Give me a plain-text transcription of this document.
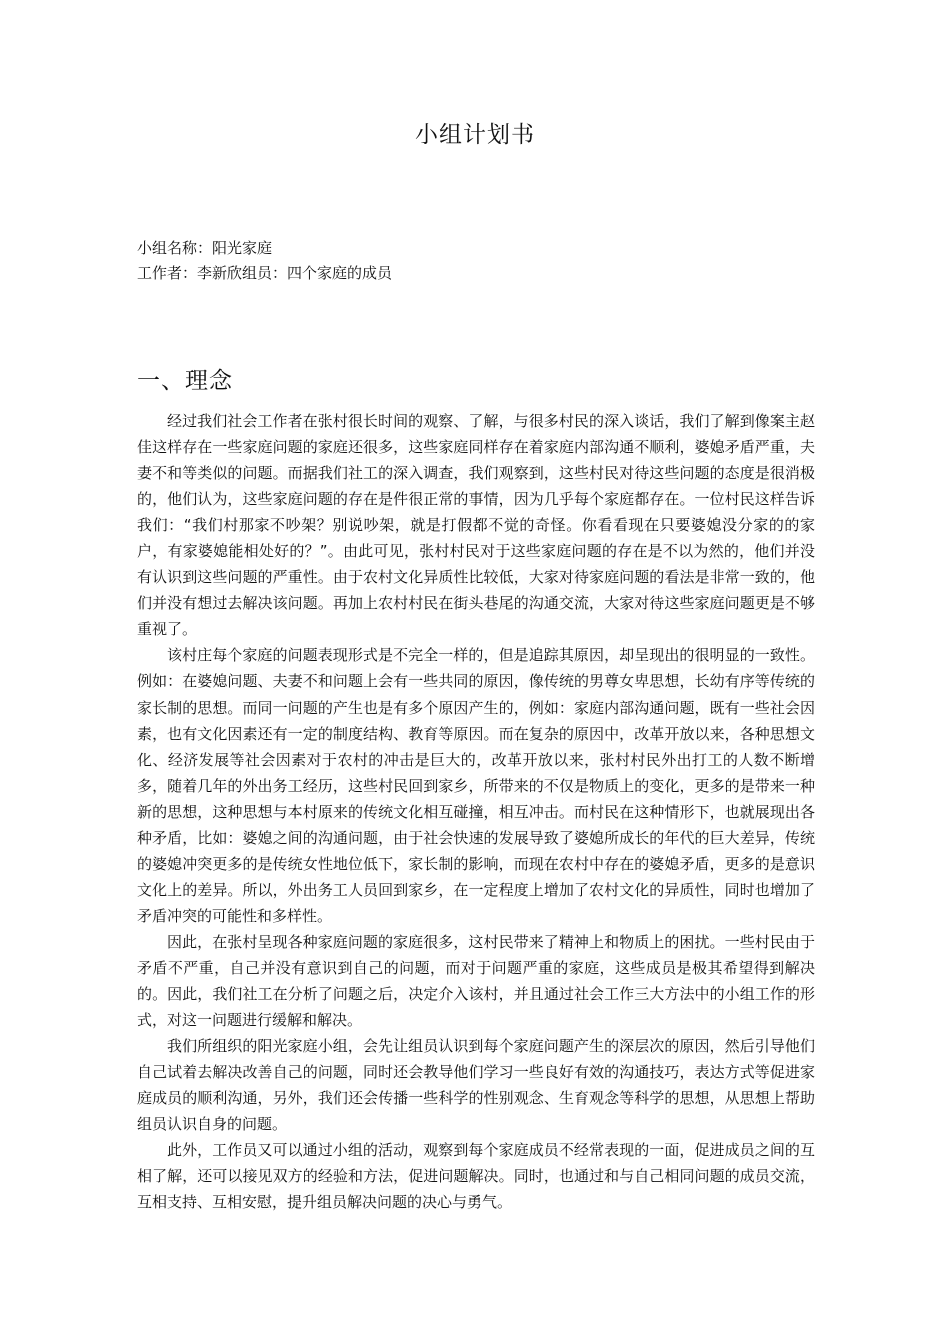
小组计划书
小组名称：阳光家庭
工作者：李新欣组员：四个家庭的成员
一、理念

经过我们社会工作者在张村很长时间的观察、了解，与很多村民的深入谈话，我们了解到像案主赵佳这样存在一些家庭问题的家庭还很多，这些家庭同样存在着家庭内部沟通不顺利，婆媳矛盾严重，夫妻不和等类似的问题。而据我们社工的深入调查，我们观察到，这些村民对待这些问题的态度是很消极的，他们认为，这些家庭问题的存在是件很正常的事情，因为几乎每个家庭都存在。一位村民这样告诉我们：“我们村那家不吵架？别说吵架，就是打假都不觉的奇怪。你看看现在只要婆媳没分家的的家户，有家婆媳能相处好的？”。由此可见，张村村民对于这些家庭问题的存在是不以为然的，他们并没有认识到这些问题的严重性。由于农村文化异质性比较低，大家对待家庭问题的看法是非常一致的，他们并没有想过去解决该问题。再加上农村村民在街头巷尾的沟通交流，大家对待这些家庭问题更是不够重视了。

该村庄每个家庭的问题表现形式是不完全一样的，但是追踪其原因，却呈现出的很明显的一致性。例如：在婆媳问题、夫妻不和问题上会有一些共同的原因，像传统的男尊女卑思想，长幼有序等传统的家长制的思想。而同一问题的产生也是有多个原因产生的，例如：家庭内部沟通问题，既有一些社会因素，也有文化因素还有一定的制度结构、教育等原因。而在复杂的原因中，改革开放以来，各种思想文化、经济发展等社会因素对于农村的冲击是巨大的，改革开放以来，张村村民外出打工的人数不断增多，随着几年的外出务工经历，这些村民回到家乡，所带来的不仅是物质上的变化，更多的是带来一种新的思想，这种思想与本村原来的传统文化相互碰撞，相互冲击。而村民在这种情形下，也就展现出各种矛盾，比如：婆媳之间的沟通问题，由于社会快速的发展导致了婆媳所成长的年代的巨大差异，传统的婆媳冲突更多的是传统女性地位低下，家长制的影响，而现在农村中存在的婆媳矛盾，更多的是意识文化上的差异。所以，外出务工人员回到家乡，在一定程度上增加了农村文化的异质性，同时也增加了矛盾冲突的可能性和多样性。

因此，在张村呈现各种家庭问题的家庭很多，这村民带来了精神上和物质上的困扰。一些村民由于矛盾不严重，自己并没有意识到自己的问题，而对于问题严重的家庭，这些成员是极其希望得到解决的。因此，我们社工在分析了问题之后，决定介入该村，并且通过社会工作三大方法中的小组工作的形式，对这一问题进行缓解和解决。

我们所组织的阳光家庭小组，会先让组员认识到每个家庭问题产生的深层次的原因，然后引导他们自己试着去解决改善自己的问题，同时还会教导他们学习一些良好有效的沟通技巧，表达方式等促进家庭成员的顺利沟通，另外，我们还会传播一些科学的性别观念、生育观念等科学的思想，从思想上帮助组员认识自身的问题。

此外，工作员又可以通过小组的活动，观察到每个家庭成员不经常表现的一面，促进成员之间的互相了解，还可以接见双方的经验和方法，促进问题解决。同时，也通过和与自己相同问题的成员交流，互相支持、互相安慰，提升组员解决问题的决心与勇气。
